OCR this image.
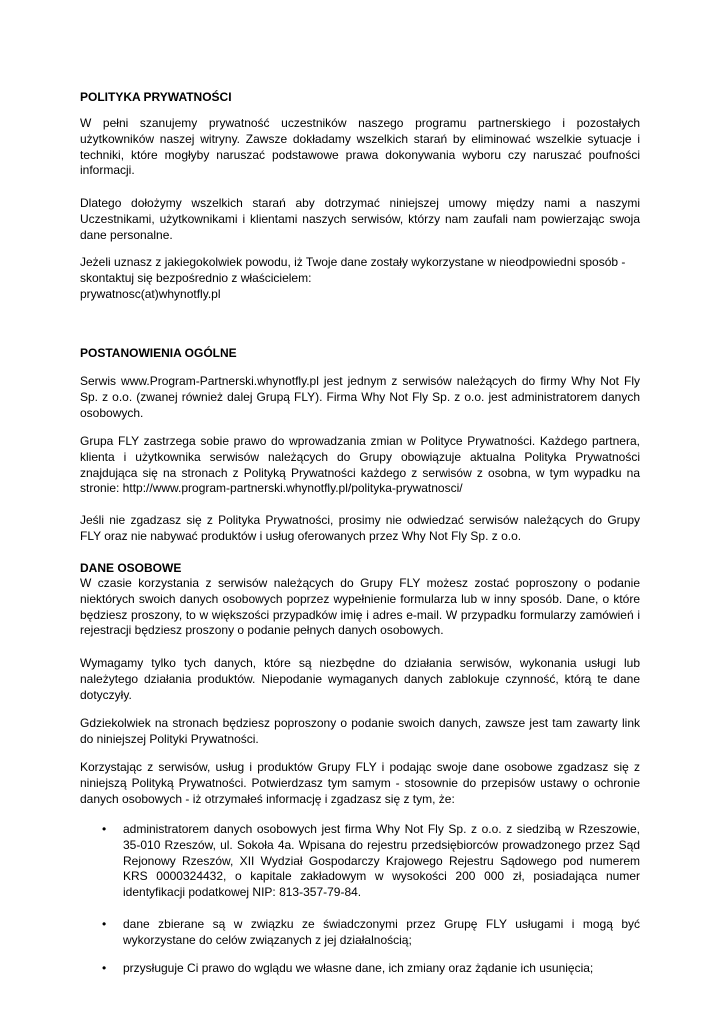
POLITYKA PRYWATNOŚCI

W pełni szanujemy prywatność uczestników naszego programu partnerskiego i pozostałych użytkowników naszej witryny. Zawsze dokładamy wszelkich starań by eliminować wszelkie sytuacje i techniki, które mogłyby naruszać podstawowe prawa dokonywania wyboru czy naruszać poufności informacji.

Dlatego dołożymy wszelkich starań aby dotrzymać niniejszej umowy między nami a naszymi Uczestnikami, użytkownikami i klientami naszych serwisów, którzy nam zaufali nam powierzając swoja dane personalne.

Jeżeli uznasz z jakiegokolwiek powodu, iż Twoje dane zostały wykorzystane w nieodpowiedni sposób -
skontaktuj się bezpośrednio z właścicielem:
prywatnosc(at)whynotfly.pl

POSTANOWIENIA OGÓLNE

Serwis www.Program-Partnerski.whynotfly.pl jest jednym z serwisów należących do firmy Why Not Fly Sp. z o.o. (zwanej również dalej Grupą FLY). Firma Why Not Fly Sp. z o.o. jest administratorem danych osobowych.

Grupa FLY zastrzega sobie prawo do wprowadzania zmian w Polityce Prywatności. Każdego partnera, klienta i użytkownika serwisów należących do Grupy obowiązuje aktualna Polityka Prywatności znajdująca się na stronach z Polityką Prywatności każdego z serwisów z osobna, w tym wypadku na stronie: http://www.program-partnerski.whynotfly.pl/polityka-prywatnosci/

Jeśli nie zgadzasz się z Polityka Prywatności, prosimy nie odwiedzać serwisów należących do Grupy FLY oraz nie nabywać produktów i usług oferowanych przez Why Not Fly Sp. z o.o.

DANE OSOBOWE

W czasie korzystania z serwisów należących do Grupy FLY możesz zostać poproszony o podanie niektórych swoich danych osobowych poprzez wypełnienie formularza lub w inny sposób. Dane, o które będziesz proszony, to w większości przypadków imię i adres e-mail. W przypadku formularzy zamówień i rejestracji będziesz proszony o podanie pełnych danych osobowych.

Wymagamy tylko tych danych, które są niezbędne do działania serwisów, wykonania usługi lub należytego działania produktów. Niepodanie wymaganych danych zablokuje czynność, którą te dane dotyczyły.

Gdziekolwiek na stronach będziesz poproszony o podanie swoich danych, zawsze jest tam zawarty link do niniejszej Polityki Prywatności.

Korzystając z serwisów, usług i produktów Grupy FLY i podając swoje dane osobowe zgadzasz się z niniejszą Polityką Prywatności. Potwierdzasz tym samym - stosownie do przepisów ustawy o ochronie danych osobowych - iż otrzymałeś informację i zgadzasz się z tym, że:

• administratorem danych osobowych jest firma Why Not Fly Sp. z o.o. z siedzibą w Rzeszowie, 35-010 Rzeszów, ul. Sokoła 4a. Wpisana do rejestru przedsiębiorców prowadzonego przez Sąd Rejonowy Rzeszów, XII Wydział Gospodarczy Krajowego Rejestru Sądowego pod numerem KRS 0000324432, o kapitale zakładowym w wysokości 200 000 zł, posiadająca numer identyfikacji podatkowej NIP: 813-357-79-84.
• dane zbierane są w związku ze świadczonymi przez Grupę FLY usługami i mogą być wykorzystane do celów związanych z jej działalnością;
• przysługuje Ci prawo do wglądu we własne dane, ich zmiany oraz żądanie ich usunięcia;
